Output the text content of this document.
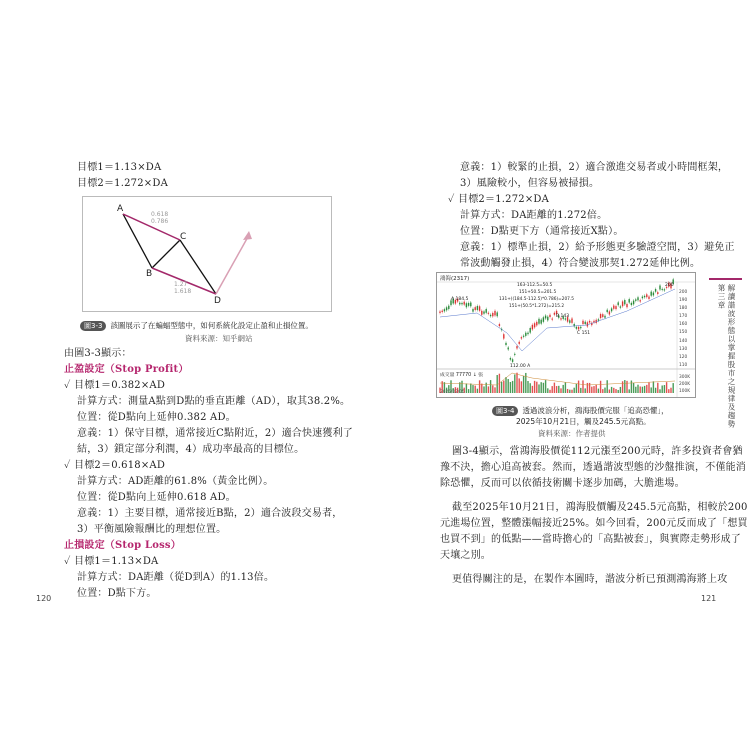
目標1＝1.13×DA
目標2＝1.272×DA
A
B
C
D
0.618
0.786
1.27
1.618
圖3-3 該圖展示了在蝙蝠型態中，如何系統化設定止盈和止損位置。
資料來源：知乎網站
由圖3-3顯示：
止盈設定（Stop Profit）
✓ 目標1＝0.382×AD
計算方式：測量A點到D點的垂直距離（AD），取其38.2%。
位置：從D點向上延伸0.382 AD。
意義：1）保守目標，通常接近C點附近，2）適合快速獲利了
結，3）鎖定部分利潤，4）成功率最高的目標位。
✓ 目標2＝0.618×AD
計算方式：AD距離的61.8%（黃金比例）。
位置：從D點向上延伸0.618 AD。
意義：1）主要目標，通常接近B點，2）適合波段交易者，
3）平衡風險報酬比的理想位置。
止損設定（Stop Loss）
✓ 目標1＝1.13×DA
計算方式：DA距離（從D到A）的1.13倍。
位置：D點下方。
120
意義：1）較緊的止損，2）適合激進交易者或小時間框架，
3）風險較小，但容易被掃損。
✓ 目標2＝1.272×DA
計算方式：DA距離的1.272倍。
位置：D點更下方（通常接近X點）。
意義：1）標準止損，2）給予形態更多驗證空間，3）避免正
常波動觸發止損，4）符合變波那契1.272延伸比例。
鴻海(2317)
A 184.5
B 143
C 151
112.00 A
200
163-112.5=50.5
151+50.5=201.5
131+((184.5-112.5)*0.786)=207.5
151+(50.5*1.272)=215.2
成交量 77770 ↓ 張
2025/02/05
200
190
180
170
160
150
140
130
120
110
300K
200K
100K
圖3-4 透過波浪分析，鴻海股價完服「追高恐懼」，
2025年10月21日，觸及245.5元高點。
資料來源：作者提供
圖3-4顯示，當鴻海股價從112元漲至200元時，許多投資者會猶
豫不決，擔心追高被套。然而，透過諧波型態的沙盤推演，不僅能消
除恐懼，反而可以依循技術關卡逐步加碼，大膽進場。
截至2025年10月21日，鴻海股價觸及245.5元高點，相較於200
元進場位置，整體漲幅接近25%。如今回看，200元反而成了「想買
也買不到」的低點——當時擔心的「高點被套」，與實際走勢形成了
天壤之別。
更值得關注的是，在製作本圖時，諧波分析已預測鴻海將上攻
121
第三章 解讀諧波形態以掌握股市之規律及趨勢
